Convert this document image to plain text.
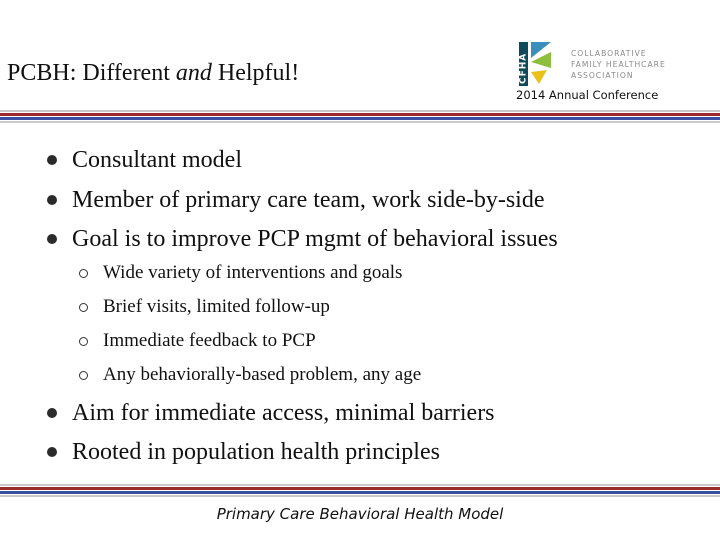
PCBH: Different and Helpful!	CFHA	COLLABORATIVE
FAMILY HEALTHCARE
ASSOCIATION
2014 Annual Conference
Consultant model
Member of primary care team, work side-by-side
Goal is to improve PCP mgmt of behavioral issues
Wide variety of interventions and goals
Brief visits, limited follow-up
Immediate feedback to PCP
Any behaviorally-based problem, any age
Aim for immediate access, minimal barriers
Rooted in population health principles
Primary Care Behavioral Health Model
